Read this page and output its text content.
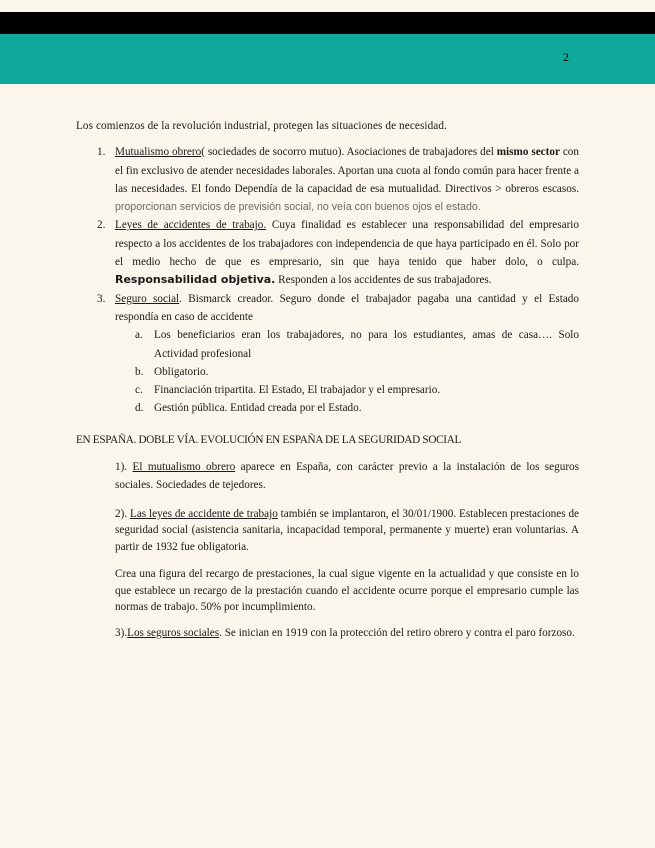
2

Los comienzos de la revolución industrial, protegen las situaciones de necesidad.

1. Mutualismo obrero( sociedades de socorro mutuo). Asociaciones de trabajadores del mismo sector con el fin exclusivo de atender necesidades laborales. Aportan una cuota al fondo común para hacer frente a las necesidades. El fondo Dependía de la capacidad de esa mutualidad. Directivos > obreros escasos. proporcionan servicios de previsión social, no veía con buenos ojos el estado.
2. Leyes de accidentes de trabajo. Cuya finalidad es establecer una responsabilidad del empresario respecto a los accidentes de los trabajadores con independencia de que haya participado en él. Solo por el medio hecho de que es empresario, sin que haya tenido que haber dolo, o culpa. Responsabilidad objetiva. Responden a los accidentes de sus trabajadores.
3. Seguro social. Bismarck creador. Seguro donde el trabajador pagaba una cantidad y el Estado respondía en caso de accidente
a. Los beneficiarios eran los trabajadores, no para los estudiantes, amas de casa…. Solo Actividad profesional
b. Obligatorio.
c. Financiación tripartita. El Estado, El trabajador y el empresario.
d. Gestión pública. Entidad creada por el Estado.

EN ESPAÑA. DOBLE VÍA. EVOLUCIÓN EN ESPAÑA DE LA SEGURIDAD SOCIAL

1). El mutualismo obrero aparece en España, con carácter previo a la instalación de los seguros sociales. Sociedades de tejedores.

2). Las leyes de accidente de trabajo también se implantaron, el 30/01/1900. Establecen prestaciones de seguridad social (asistencia sanitaria, incapacidad temporal, permanente y muerte) eran voluntarias. A partir de 1932 fue obligatoria.

Crea una figura del recargo de prestaciones, la cual sigue vigente en la actualidad y que consiste en lo que establece un recargo de la prestación cuando el accidente ocurre porque el empresario cumple las normas de trabajo. 50% por incumplimiento.

3).Los seguros sociales. Se inician en 1919 con la protección del retiro obrero y contra el paro forzoso.
